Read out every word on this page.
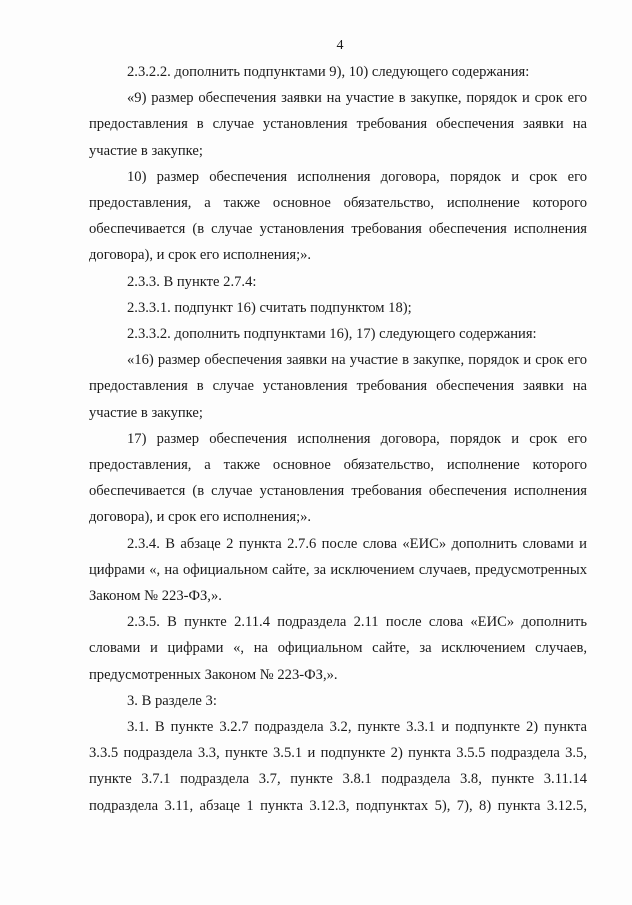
4

2.3.2.2. дополнить подпунктами 9), 10) следующего содержания:

«9) размер обеспечения заявки на участие в закупке, порядок и срок его предоставления в случае установления требования обеспечения заявки на участие в закупке;

10) размер обеспечения исполнения договора, порядок и срок его предоставления, а также основное обязательство, исполнение которого обеспечивается (в случае установления требования обеспечения исполнения договора), и срок его исполнения;».

2.3.3. В пункте 2.7.4:

2.3.3.1. подпункт 16) считать подпунктом 18);

2.3.3.2. дополнить подпунктами 16), 17) следующего содержания:

«16) размер обеспечения заявки на участие в закупке, порядок и срок его предоставления в случае установления требования обеспечения заявки на участие в закупке;

17) размер обеспечения исполнения договора, порядок и срок его предоставления, а также основное обязательство, исполнение которого обеспечивается (в случае установления требования обеспечения исполнения договора), и срок его исполнения;».

2.3.4. В абзаце 2 пункта 2.7.6 после слова «ЕИС» дополнить словами и цифрами «, на официальном сайте, за исключением случаев, предусмотренных Законом № 223-ФЗ,».

2.3.5. В пункте 2.11.4 подраздела 2.11 после слова «ЕИС» дополнить словами и цифрами «, на официальном сайте, за исключением случаев, предусмотренных Законом № 223-ФЗ,».

3. В разделе 3:

3.1. В пункте 3.2.7 подраздела 3.2, пункте 3.3.1 и подпункте 2) пункта 3.3.5 подраздела 3.3, пункте 3.5.1 и подпункте 2) пункта 3.5.5 подраздела 3.5, пункте 3.7.1 подраздела 3.7, пункте 3.8.1 подраздела 3.8, пункте 3.11.14 подраздела 3.11, абзаце 1 пункта 3.12.3, подпунктах 5), 7), 8) пункта 3.12.5,
